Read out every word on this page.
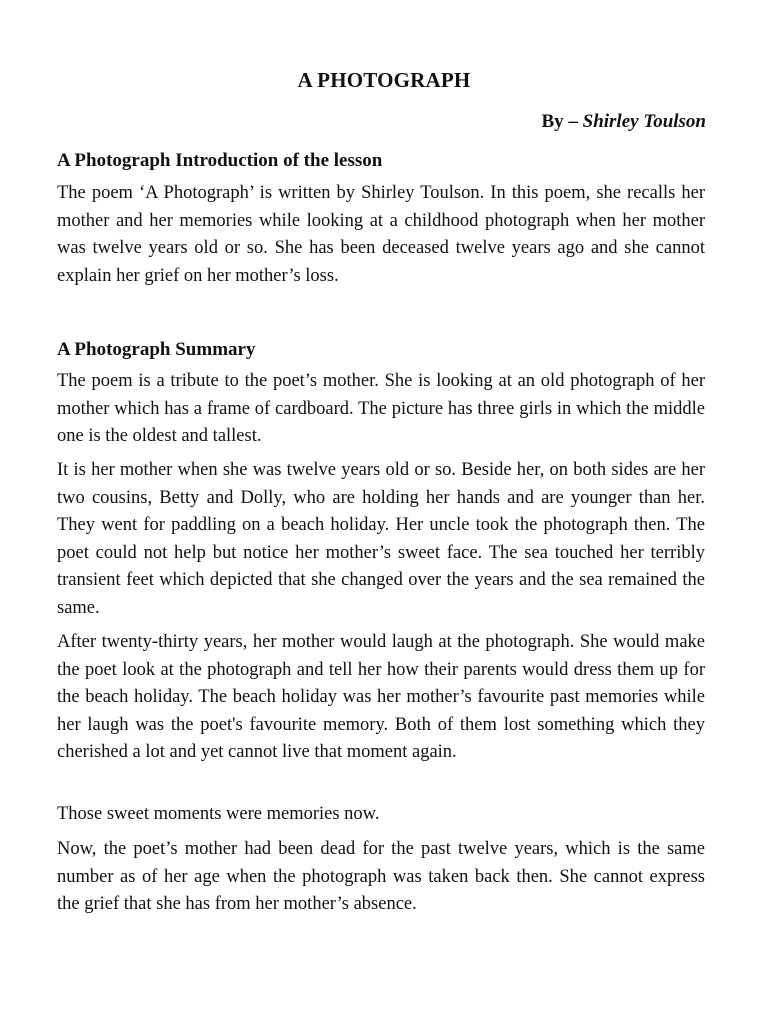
A PHOTOGRAPH
By – Shirley Toulson
A Photograph Introduction of the lesson

The poem ‘A Photograph’ is written by Shirley Toulson. In this poem, she recalls her mother and her memories while looking at a childhood photograph when her mother was twelve years old or so. She has been deceased twelve years ago and she cannot explain her grief on her mother’s loss.

A Photograph Summary

The poem is a tribute to the poet’s mother. She is looking at an old photograph of her mother which has a frame of cardboard. The picture has three girls in which the middle one is the oldest and tallest.

It is her mother when she was twelve years old or so. Beside her, on both sides are her two cousins, Betty and Dolly, who are holding her hands and are younger than her. They went for paddling on a beach holiday. Her uncle took the photograph then. The poet could not help but notice her mother’s sweet face. The sea touched her terribly transient feet which depicted that she changed over the years and the sea remained the same.

After twenty-thirty years, her mother would laugh at the photograph. She would make the poet look at the photograph and tell her how their parents would dress them up for the beach holiday. The beach holiday was her mother’s favourite past memories while her laugh was the poet's favourite memory. Both of them lost something which they cherished a lot and yet cannot live that moment again.

Those sweet moments were memories now.

Now, the poet’s mother had been dead for the past twelve years, which is the same number as of her age when the photograph was taken back then. She cannot express the grief that she has from her mother’s absence.
